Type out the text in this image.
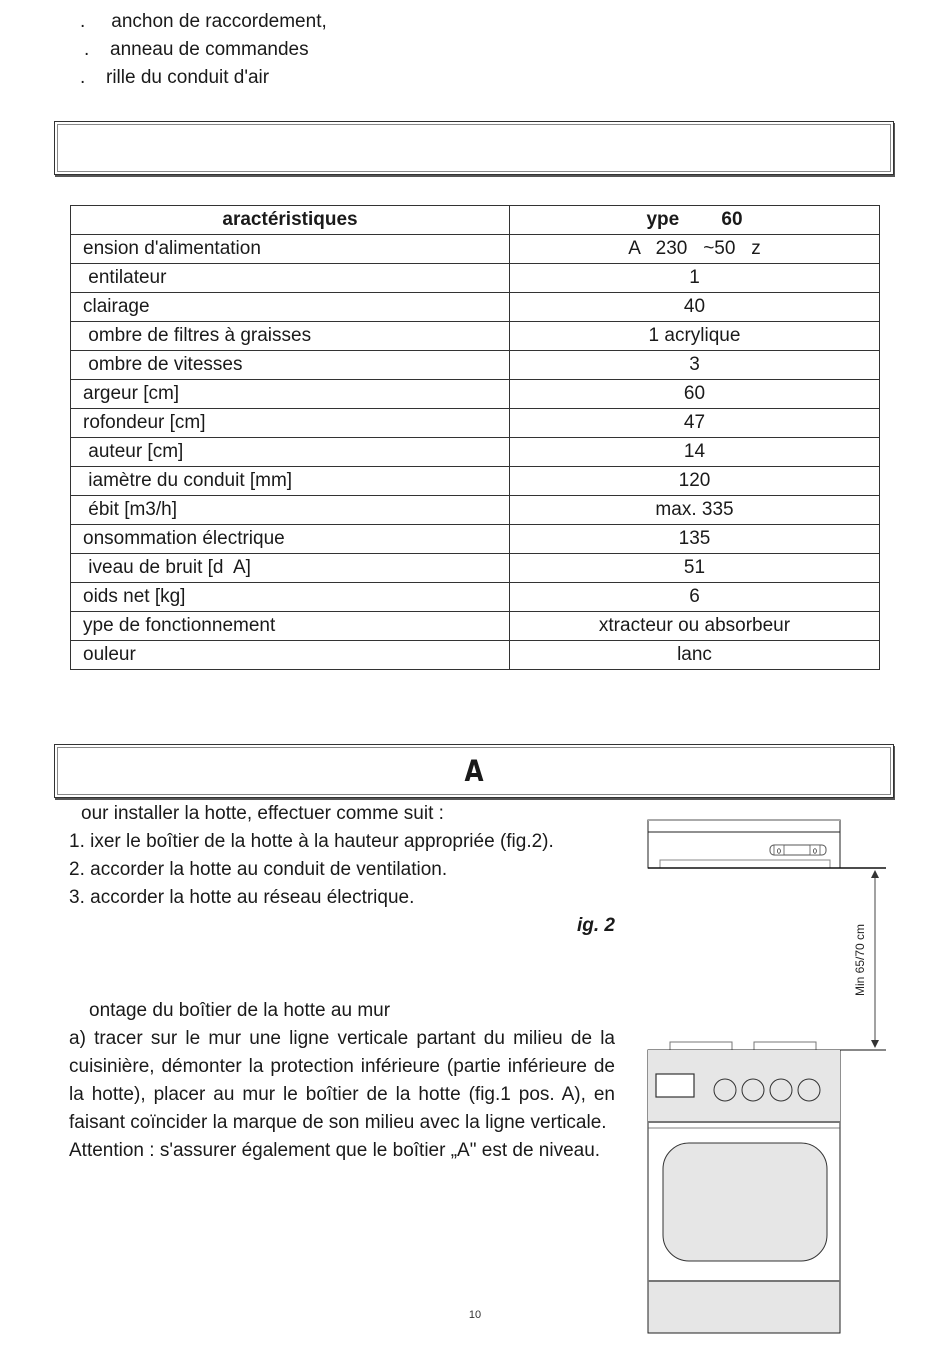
.	anchon de raccordement,
.	anneau de commandes
.	rille du conduit d'air
aractéristiques	ype        60
ension d'alimentation	A   230   ~50   z
entilateur	1
clairage	40
ombre de filtres à graisses	1 acrylique
ombre de vitesses	3
argeur [cm]	60
rofondeur [cm]	47
auteur [cm]	14
iamètre du conduit [mm]	120
ébit [m3/h]	max. 335
onsommation électrique	135
iveau de bruit [d  A]	51
oids net [kg]	6
ype de fonctionnement	xtracteur ou absorbeur
ouleur	lanc
A

our installer la hotte, effectuer comme suit :

1. ixer le boîtier de la hotte à la hauteur appropriée (fig.2).

2. accorder la hotte au conduit de ventilation.

3. accorder la hotte au réseau électrique.

ig. 2

ontage du boîtier de la hotte au mur

a) tracer sur le mur une ligne verticale partant du milieu de la cuisinière, démonter la protection inférieure (partie inférieure de la hotte), placer au mur le boîtier de la hotte (fig.1 pos. A), en faisant coïncider la marque de son milieu avec la ligne verticale.

Attention : s'assurer également que le boîtier „A" est de niveau.

0	0
Min 65/70 cm
10
